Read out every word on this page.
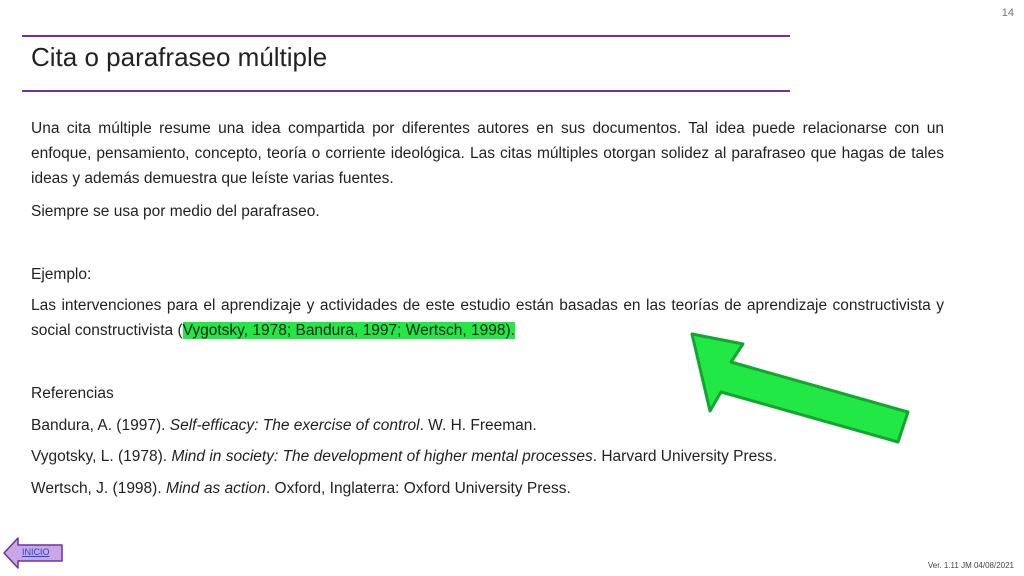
14
Cita o parafraseo múltiple
Una cita múltiple resume una idea compartida por diferentes autores en sus documentos. Tal idea puede relacionarse con un enfoque, pensamiento, concepto, teoría o corriente ideológica. Las citas múltiples otorgan solidez al parafraseo que hagas de tales ideas y además demuestra que leíste varias fuentes.
Siempre se usa por medio del parafraseo.
Ejemplo:
Las intervenciones para el aprendizaje y actividades de este estudio están basadas en las teorías de aprendizaje constructivista y social constructivista (Vygotsky, 1978; Bandura, 1997; Wertsch, 1998).
Referencias
Bandura, A. (1997). Self-efficacy: The exercise of control. W. H. Freeman.
Vygotsky, L. (1978). Mind in society: The development of higher mental processes. Harvard University Press.
Wertsch, J. (1998). Mind as action. Oxford, Inglaterra: Oxford University Press.
INICIO
Ver. 1.11 JM 04/08/2021
